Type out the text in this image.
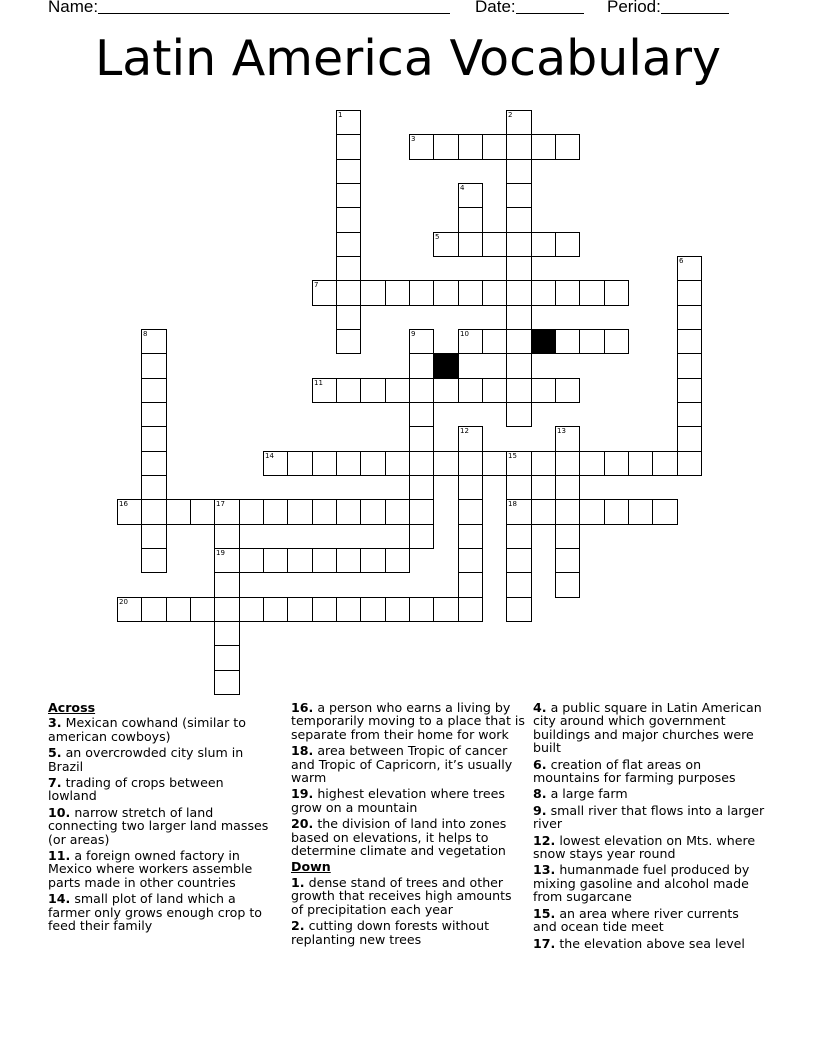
Name:	Date:	Period:
Latin America Vocabulary
1	2
3
4
5
6
7
8	9	10
11
12	13
14	15
18
16	17
19
20
Across
3. Mexican cowhand (similar to american cowboys)
5. an overcrowded city slum in Brazil
7. trading of crops between lowland
10. narrow stretch of land connecting two larger land masses (or areas)
11. a foreign owned factory in Mexico where workers assemble parts made in other countries
14. small plot of land which a farmer only grows enough crop to feed their family
16. a person who earns a living by temporarily moving to a place that is separate from their home for work
18. area between Tropic of cancer and Tropic of Capricorn, it’s usually warm
19. highest elevation where trees grow on a mountain
20. the division of land into zones based on elevations, it helps to determine climate and vegetation
Down
1. dense stand of trees and other growth that receives high amounts of precipitation each year
2. cutting down forests without replanting new trees
4. a public square in Latin American city around which government buildings and major churches were built
6. creation of flat areas on mountains for farming purposes
8. a large farm
9. small river that flows into a larger river
12. lowest elevation on Mts. where snow stays year round
13. humanmade fuel produced by mixing gasoline and alcohol made from sugarcane
15. an area where river currents and ocean tide meet
17. the elevation above sea level
